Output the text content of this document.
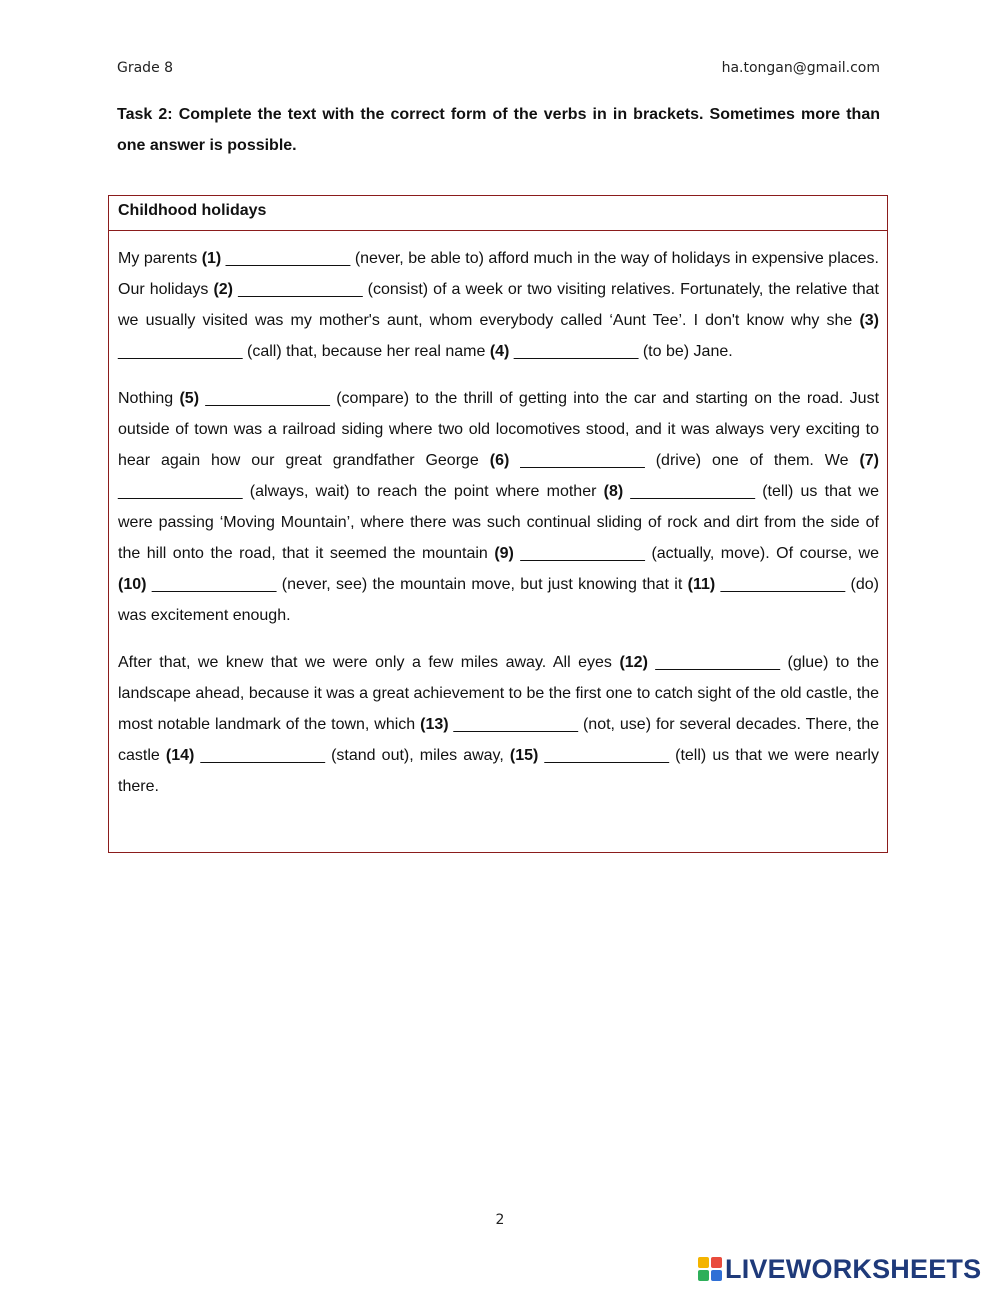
Grade 8	ha.tongan@gmail.com
Task 2: Complete the text with the correct form of the verbs in in brackets. Sometimes more than one answer is possible.
Childhood holidays

My parents (1) ______________ (never, be able to) afford much in the way of holidays in expensive places. Our holidays (2) ______________ (consist) of a week or two visiting relatives. Fortunately, the relative that we usually visited was my mother's aunt, whom everybody called ‘Aunt Tee’. I don't know why she (3) ______________ (call) that, because her real name (4) ______________ (to be) Jane.

Nothing (5) ______________ (compare) to the thrill of getting into the car and starting on the road. Just outside of town was a railroad siding where two old locomotives stood, and it was always very exciting to hear again how our great grandfather George (6) ______________ (drive) one of them. We (7) ______________ (always, wait) to reach the point where mother (8) ______________ (tell) us that we were passing ‘Moving Mountain’, where there was such continual sliding of rock and dirt from the side of the hill onto the road, that it seemed the mountain (9) ______________ (actually, move). Of course, we (10) ______________ (never, see) the mountain move, but just knowing that it (11) ______________ (do) was excitement enough.

After that, we knew that we were only a few miles away. All eyes (12) ______________ (glue) to the landscape ahead, because it was a great achievement to be the first one to catch sight of the old castle, the most notable landmark of the town, which (13) ______________ (not, use) for several decades. There, the castle (14) ______________ (stand out), miles away, (15) ______________ (tell) us that we were nearly there.

2
LIVEWORKSHEETS
